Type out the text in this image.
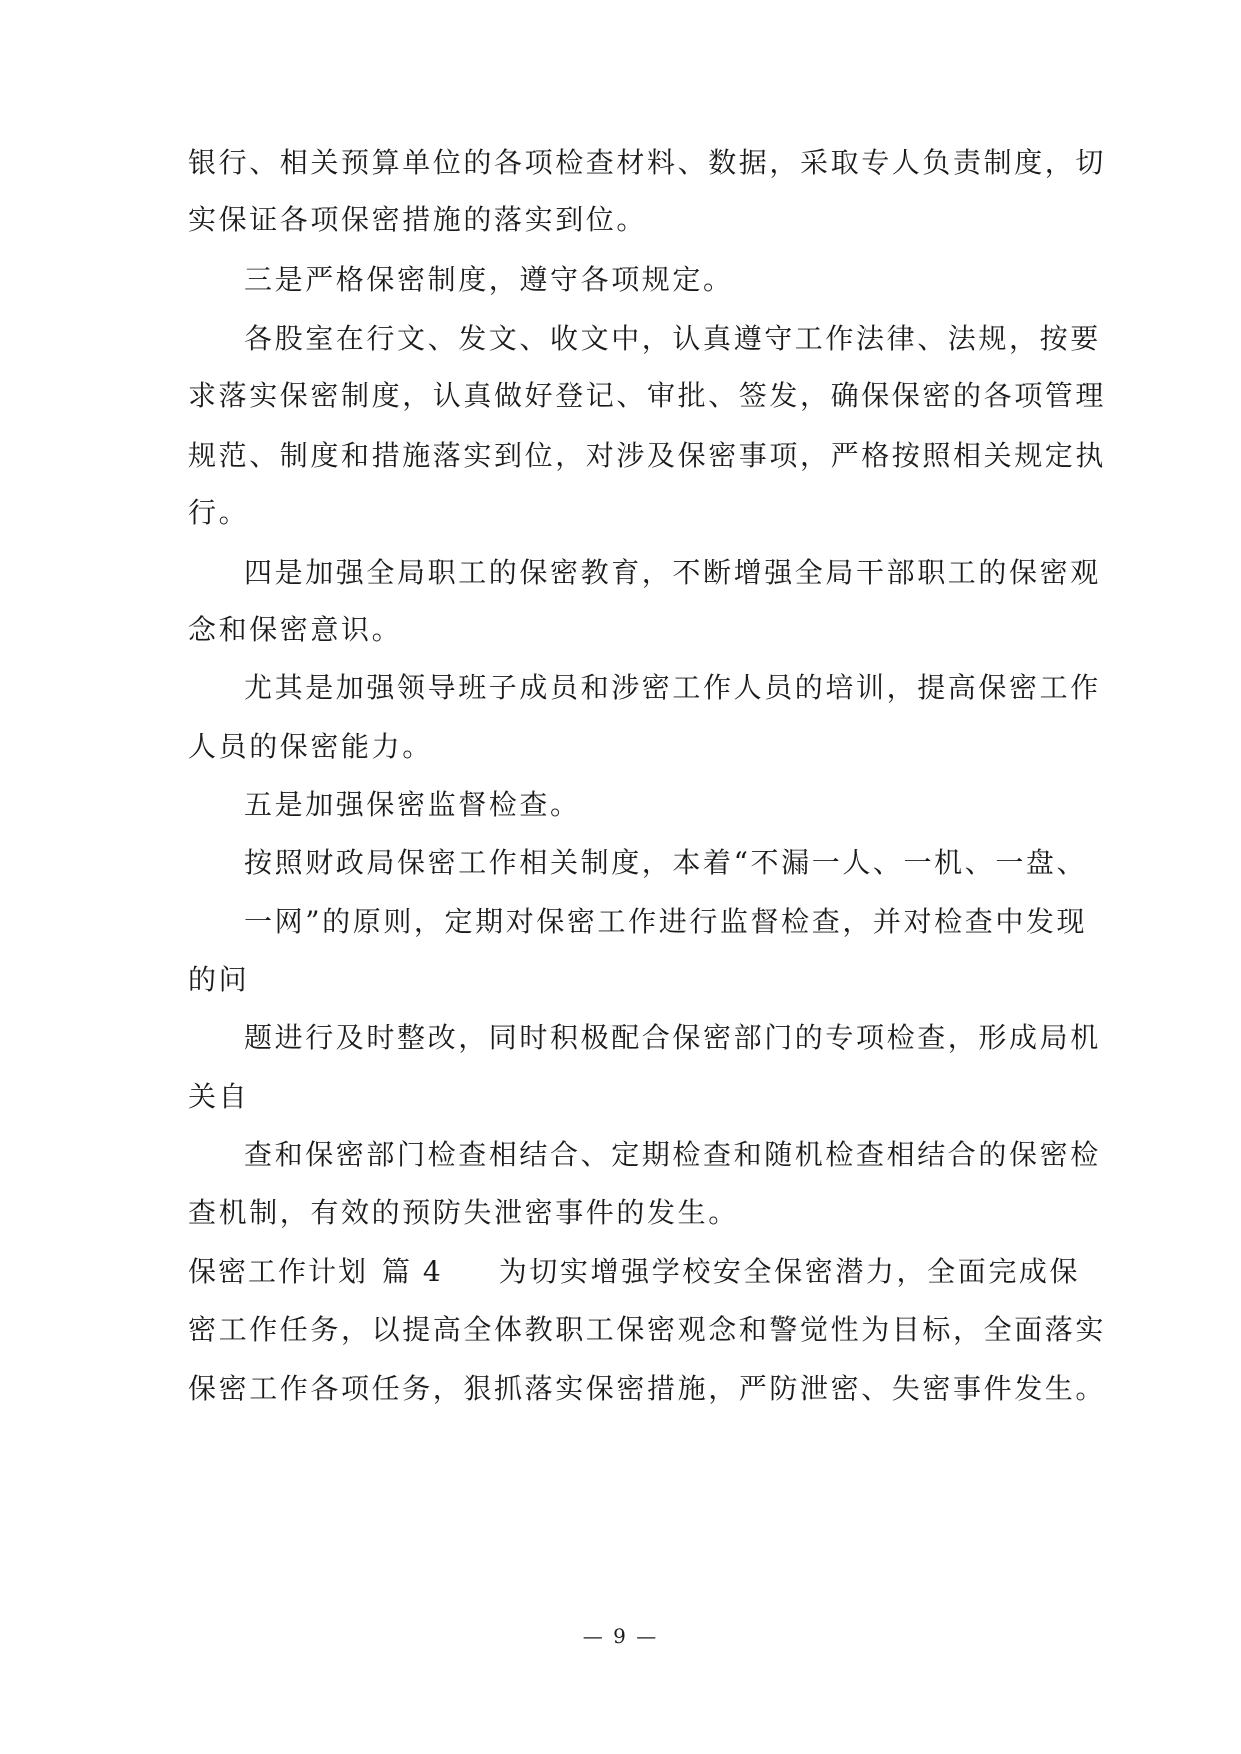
银行、相关预算单位的各项检查材料、数据，采取专人负责制度，切
实保证各项保密措施的落实到位。
三是严格保密制度，遵守各项规定。
各股室在行文、发文、收文中，认真遵守工作法律、法规，按要
求落实保密制度，认真做好登记、审批、签发，确保保密的各项管理
规范、制度和措施落实到位，对涉及保密事项，严格按照相关规定执
行。
四是加强全局职工的保密教育，不断增强全局干部职工的保密观
念和保密意识。
尤其是加强领导班子成员和涉密工作人员的培训，提高保密工作
人员的保密能力。
五是加强保密监督检查。
按照财政局保密工作相关制度，本着“不漏一人、一机、一盘、
一网”的原则，定期对保密工作进行监督检查，并对检查中发现
的问
题进行及时整改，同时积极配合保密部门的专项检查，形成局机
关自
查和保密部门检查相结合、定期检查和随机检查相结合的保密检
查机制，有效的预防失泄密事件的发生。
保密工作计划 篇 4 为切实增强学校安全保密潜力，全面完成保
密工作任务，以提高全体教职工保密观念和警觉性为目标，全面落实
保密工作各项任务，狠抓落实保密措施，严防泄密、失密事件发生。
— 9 —
